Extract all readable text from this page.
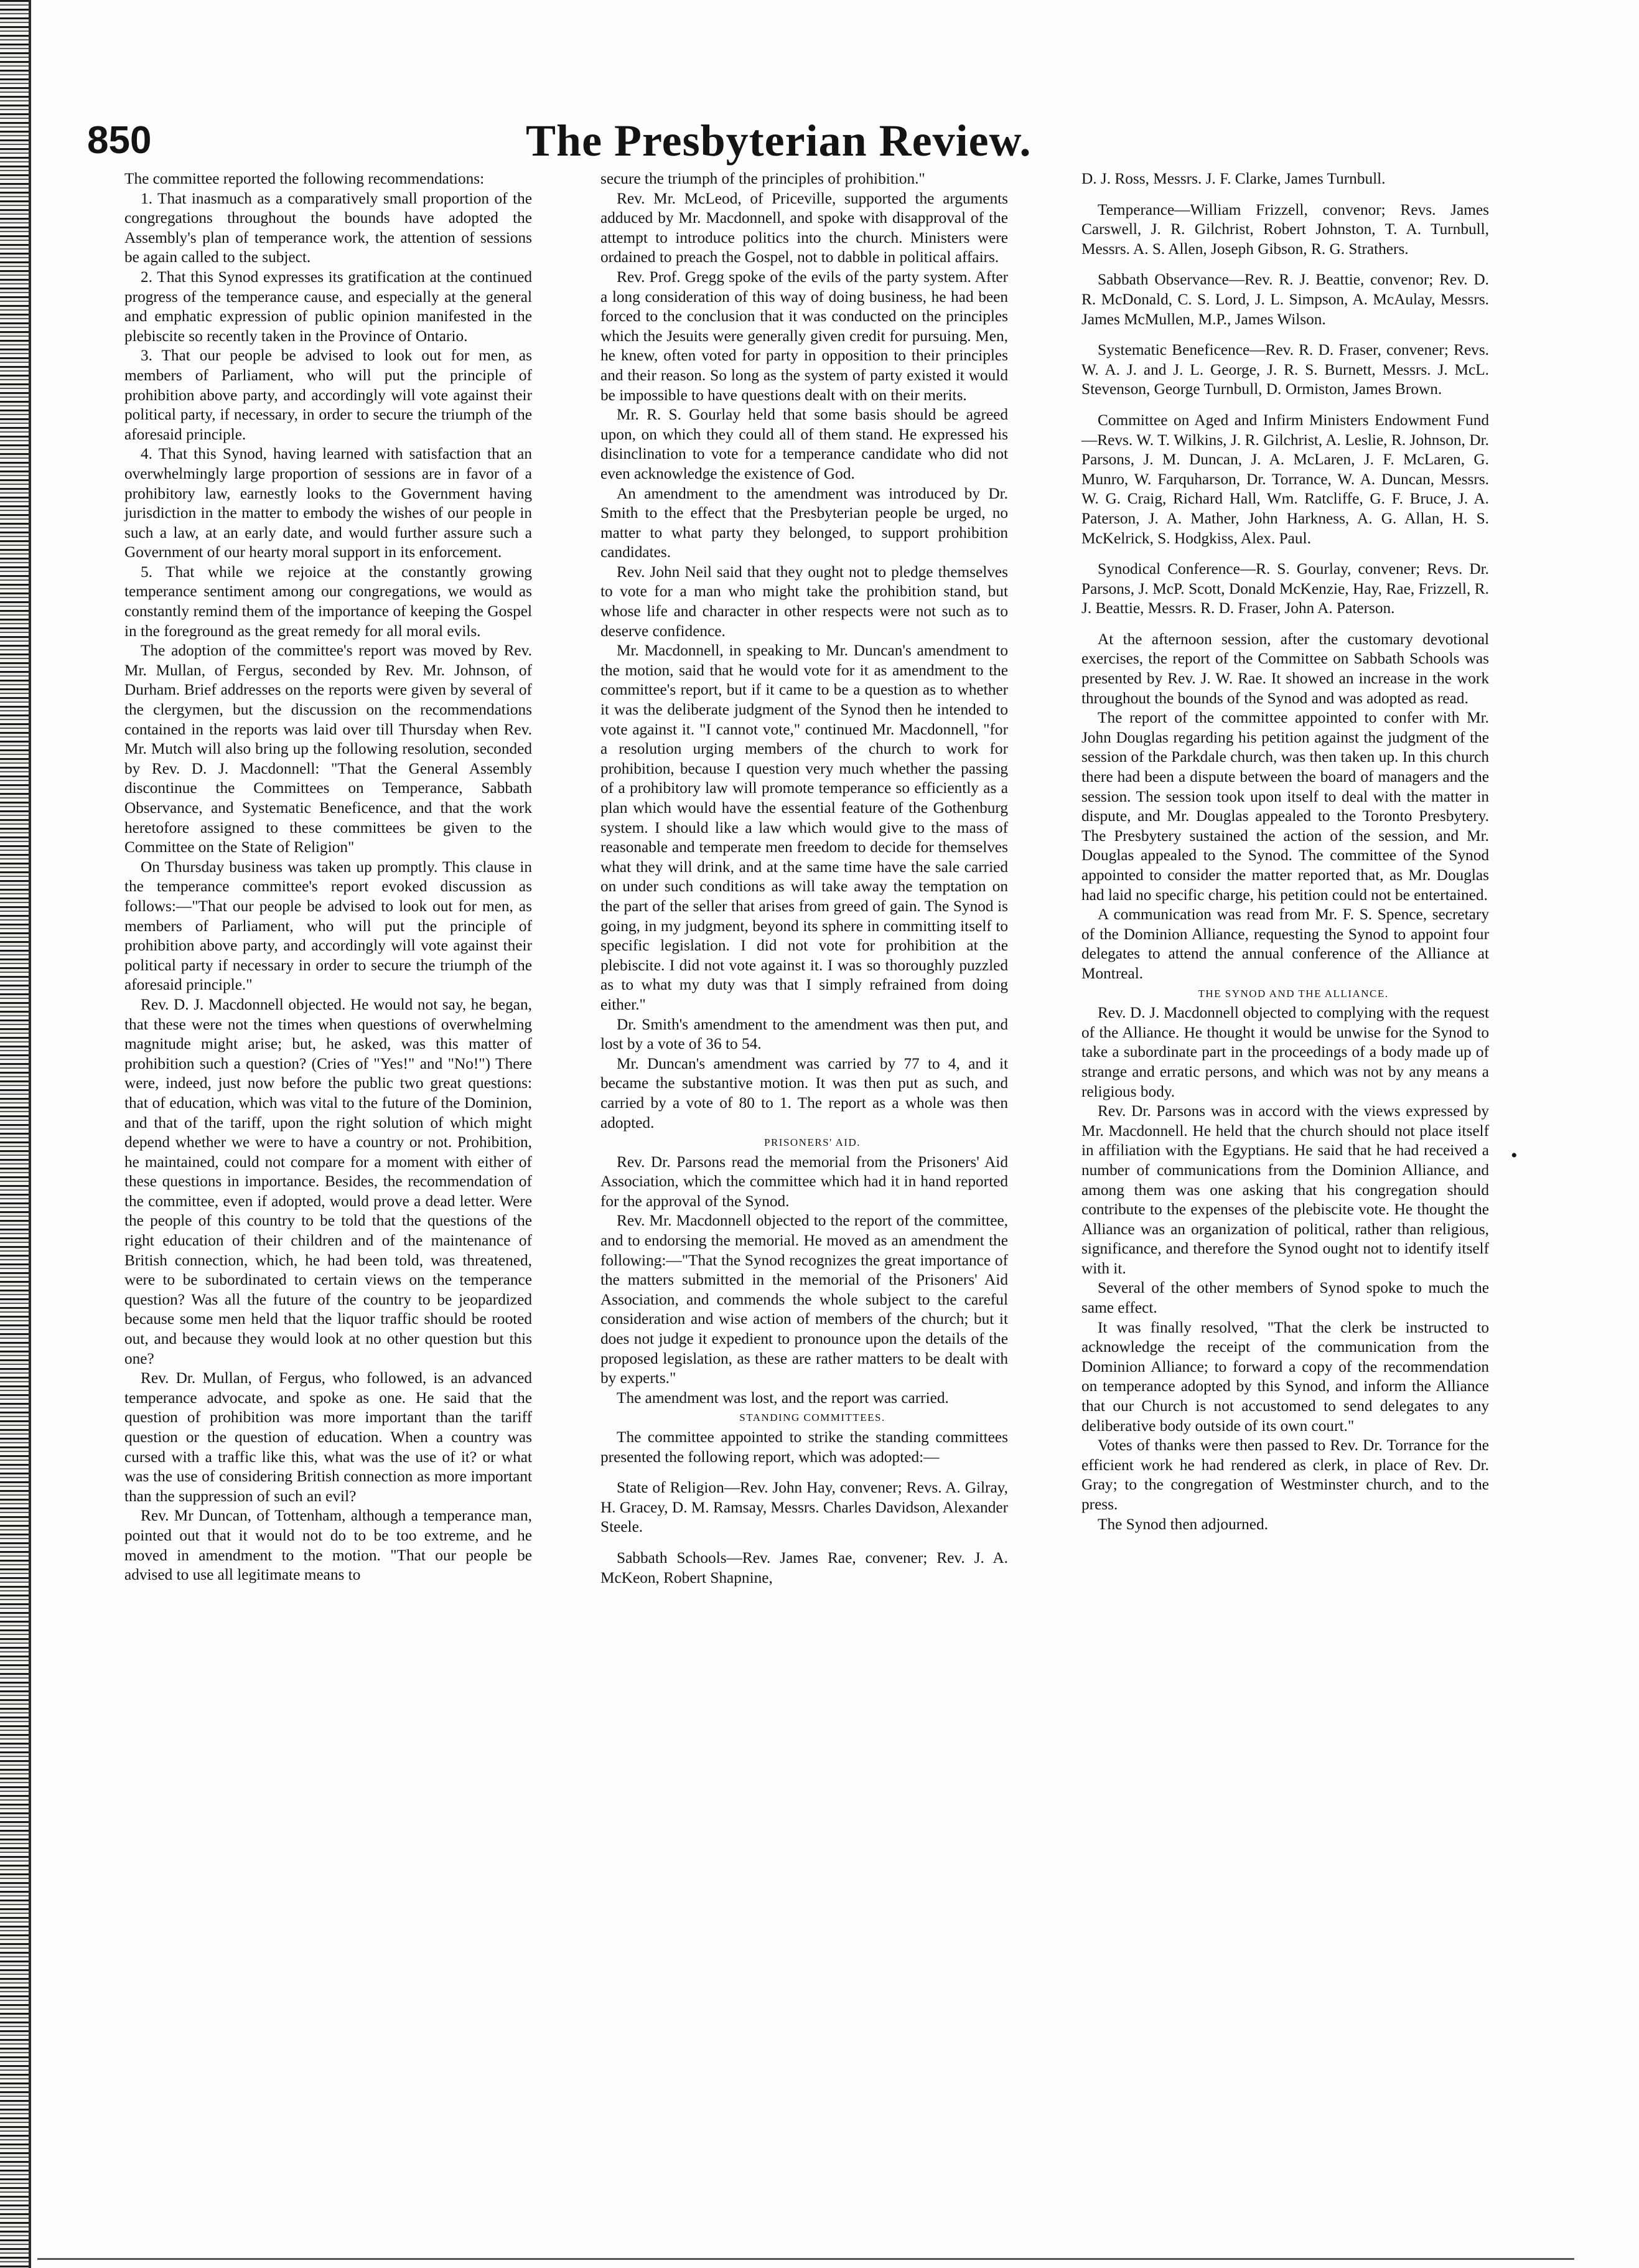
850	The Presbyterian Review.

The committee reported the following recommendations:

1. That inasmuch as a comparatively small proportion of the congregations throughout the bounds have adopted the Assembly's plan of temperance work, the attention of sessions be again called to the subject.

2. That this Synod expresses its gratification at the continued progress of the temperance cause, and especially at the general and emphatic expression of public opinion manifested in the plebiscite so recently taken in the Province of Ontario.

3. That our people be advised to look out for men, as members of Parliament, who will put the principle of prohibition above party, and accordingly will vote against their political party, if necessary, in order to secure the triumph of the aforesaid principle.

4. That this Synod, having learned with satisfaction that an overwhelmingly large proportion of sessions are in favor of a prohibitory law, earnestly looks to the Government having jurisdiction in the matter to embody the wishes of our people in such a law, at an early date, and would further assure such a Government of our hearty moral support in its enforcement.

5. That while we rejoice at the constantly growing temperance sentiment among our congregations, we would as constantly remind them of the importance of keeping the Gospel in the foreground as the great remedy for all moral evils.

The adoption of the committee's report was moved by Rev. Mr. Mullan, of Fergus, seconded by Rev. Mr. Johnson, of Durham. Brief addresses on the reports were given by several of the clergymen, but the discussion on the recommendations contained in the reports was laid over till Thursday when Rev. Mr. Mutch will also bring up the following resolution, seconded by Rev. D. J. Macdonnell: "That the General Assembly discontinue the Committees on Temperance, Sabbath Observance, and Systematic Beneficence, and that the work heretofore assigned to these committees be given to the Committee on the State of Religion"

On Thursday business was taken up promptly. This clause in the temperance committee's report evoked discussion as follows:—"That our people be advised to look out for men, as members of Parliament, who will put the principle of prohibition above party, and accordingly will vote against their political party if necessary in order to secure the triumph of the aforesaid principle."

Rev. D. J. Macdonnell objected. He would not say, he began, that these were not the times when questions of overwhelming magnitude might arise; but, he asked, was this matter of prohibition such a question? (Cries of "Yes!" and "No!") There were, indeed, just now before the public two great questions: that of education, which was vital to the future of the Dominion, and that of the tariff, upon the right solution of which might depend whether we were to have a country or not. Prohibition, he maintained, could not compare for a moment with either of these questions in importance. Besides, the recommendation of the committee, even if adopted, would prove a dead letter. Were the people of this country to be told that the questions of the right education of their children and of the maintenance of British connection, which, he had been told, was threatened, were to be subordinated to certain views on the temperance question? Was all the future of the country to be jeopardized because some men held that the liquor traffic should be rooted out, and because they would look at no other question but this one?

Rev. Dr. Mullan, of Fergus, who followed, is an advanced temperance advocate, and spoke as one. He said that the question of prohibition was more important than the tariff question or the question of education. When a country was cursed with a traffic like this, what was the use of it? or what was the use of considering British connection as more important than the suppression of such an evil?

Rev. Mr Duncan, of Tottenham, although a temperance man, pointed out that it would not do to be too extreme, and he moved in amendment to the motion. "That our people be advised to use all legitimate means to

secure the triumph of the principles of prohibition."

Rev. Mr. McLeod, of Priceville, supported the arguments adduced by Mr. Macdonnell, and spoke with disapproval of the attempt to introduce politics into the church. Ministers were ordained to preach the Gospel, not to dabble in political affairs.

Rev. Prof. Gregg spoke of the evils of the party system. After a long consideration of this way of doing business, he had been forced to the conclusion that it was conducted on the principles which the Jesuits were generally given credit for pursuing. Men, he knew, often voted for party in opposition to their principles and their reason. So long as the system of party existed it would be impossible to have questions dealt with on their merits.

Mr. R. S. Gourlay held that some basis should be agreed upon, on which they could all of them stand. He expressed his disinclination to vote for a temperance candidate who did not even acknowledge the existence of God.

An amendment to the amendment was introduced by Dr. Smith to the effect that the Presbyterian people be urged, no matter to what party they belonged, to support prohibition candidates.

Rev. John Neil said that they ought not to pledge themselves to vote for a man who might take the prohibition stand, but whose life and character in other respects were not such as to deserve confidence.

Mr. Macdonnell, in speaking to Mr. Duncan's amendment to the motion, said that he would vote for it as amendment to the committee's report, but if it came to be a question as to whether it was the deliberate judgment of the Synod then he intended to vote against it. "I cannot vote," continued Mr. Macdonnell, "for a resolution urging members of the church to work for prohibition, because I question very much whether the passing of a prohibitory law will promote temperance so efficiently as a plan which would have the essential feature of the Gothenburg system. I should like a law which would give to the mass of reasonable and temperate men freedom to decide for themselves what they will drink, and at the same time have the sale carried on under such conditions as will take away the temptation on the part of the seller that arises from greed of gain. The Synod is going, in my judgment, beyond its sphere in committing itself to specific legislation. I did not vote for prohibition at the plebiscite. I did not vote against it. I was so thoroughly puzzled as to what my duty was that I simply refrained from doing either."

Dr. Smith's amendment to the amendment was then put, and lost by a vote of 36 to 54.

Mr. Duncan's amendment was carried by 77 to 4, and it became the substantive motion. It was then put as such, and carried by a vote of 80 to 1. The report as a whole was then adopted.

PRISONERS' AID.

Rev. Dr. Parsons read the memorial from the Prisoners' Aid Association, which the committee which had it in hand reported for the approval of the Synod.

Rev. Mr. Macdonnell objected to the report of the committee, and to endorsing the memorial. He moved as an amendment the following:—"That the Synod recognizes the great importance of the matters submitted in the memorial of the Prisoners' Aid Association, and commends the whole subject to the careful consideration and wise action of members of the church; but it does not judge it expedient to pronounce upon the details of the proposed legislation, as these are rather matters to be dealt with by experts."

The amendment was lost, and the report was carried.

STANDING COMMITTEES.

The committee appointed to strike the standing committees presented the following report, which was adopted:—

State of Religion—Rev. John Hay, convener; Revs. A. Gilray, H. Gracey, D. M. Ramsay, Messrs. Charles Davidson, Alexander Steele.

Sabbath Schools—Rev. James Rae, convener; Rev. J. A. McKeon, Robert Shapnine,

D. J. Ross, Messrs. J. F. Clarke, James Turnbull.

Temperance—William Frizzell, convenor; Revs. James Carswell, J. R. Gilchrist, Robert Johnston, T. A. Turnbull, Messrs. A. S. Allen, Joseph Gibson, R. G. Strathers.

Sabbath Observance—Rev. R. J. Beattie, convenor; Rev. D. R. McDonald, C. S. Lord, J. L. Simpson, A. McAulay, Messrs. James McMullen, M.P., James Wilson.

Systematic Beneficence—Rev. R. D. Fraser, convener; Revs. W. A. J. and J. L. George, J. R. S. Burnett, Messrs. J. McL. Stevenson, George Turnbull, D. Ormiston, James Brown.

Committee on Aged and Infirm Ministers Endowment Fund—Revs. W. T. Wilkins, J. R. Gilchrist, A. Leslie, R. Johnson, Dr. Parsons, J. M. Duncan, J. A. McLaren, J. F. McLaren, G. Munro, W. Farquharson, Dr. Torrance, W. A. Duncan, Messrs. W. G. Craig, Richard Hall, Wm. Ratcliffe, G. F. Bruce, J. A. Paterson, J. A. Mather, John Harkness, A. G. Allan, H. S. McKelrick, S. Hodgkiss, Alex. Paul.

Synodical Conference—R. S. Gourlay, convener; Revs. Dr. Parsons, J. McP. Scott, Donald McKenzie, Hay, Rae, Frizzell, R. J. Beattie, Messrs. R. D. Fraser, John A. Paterson.

At the afternoon session, after the customary devotional exercises, the report of the Committee on Sabbath Schools was presented by Rev. J. W. Rae. It showed an increase in the work throughout the bounds of the Synod and was adopted as read.

The report of the committee appointed to confer with Mr. John Douglas regarding his petition against the judgment of the session of the Parkdale church, was then taken up. In this church there had been a dispute between the board of managers and the session. The session took upon itself to deal with the matter in dispute, and Mr. Douglas appealed to the Toronto Presbytery. The Presbytery sustained the action of the session, and Mr. Douglas appealed to the Synod. The committee of the Synod appointed to consider the matter reported that, as Mr. Douglas had laid no specific charge, his petition could not be entertained.

A communication was read from Mr. F. S. Spence, secretary of the Dominion Alliance, requesting the Synod to appoint four delegates to attend the annual conference of the Alliance at Montreal.

THE SYNOD AND THE ALLIANCE.

Rev. D. J. Macdonnell objected to complying with the request of the Alliance. He thought it would be unwise for the Synod to take a subordinate part in the proceedings of a body made up of strange and erratic persons, and which was not by any means a religious body.

Rev. Dr. Parsons was in accord with the views expressed by Mr. Macdonnell. He held that the church should not place itself in affiliation with the Egyptians. He said that he had received a number of communications from the Dominion Alliance, and among them was one asking that his congregation should contribute to the expenses of the plebiscite vote. He thought the Alliance was an organization of political, rather than religious, significance, and therefore the Synod ought not to identify itself with it.

Several of the other members of Synod spoke to much the same effect.

It was finally resolved, "That the clerk be instructed to acknowledge the receipt of the communication from the Dominion Alliance; to forward a copy of the recommendation on temperance adopted by this Synod, and inform the Alliance that our Church is not accustomed to send delegates to any deliberative body outside of its own court."

Votes of thanks were then passed to Rev. Dr. Torrance for the efficient work he had rendered as clerk, in place of Rev. Dr. Gray; to the congregation of Westminster church, and to the press.

The Synod then adjourned.

•
